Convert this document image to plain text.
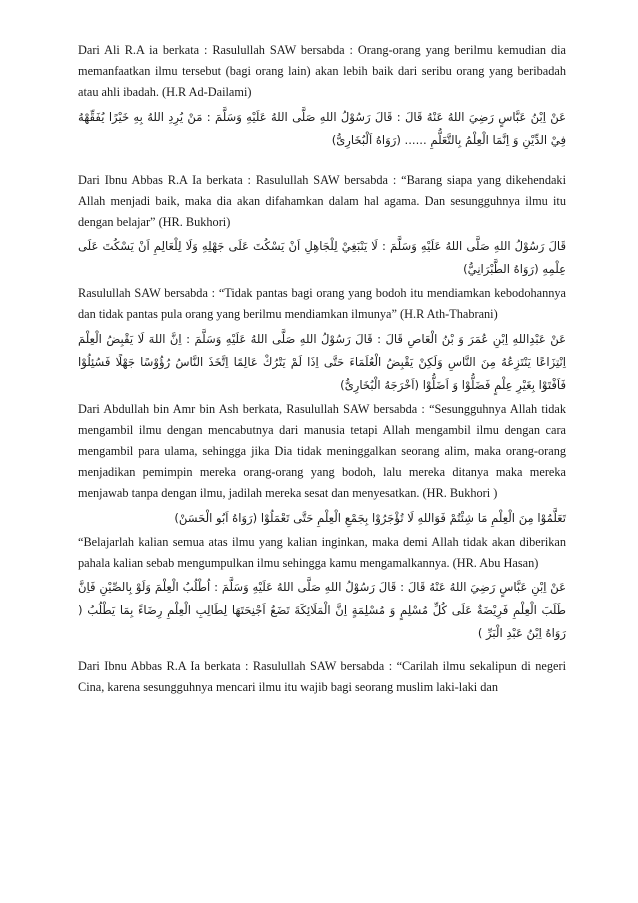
Dari Ali R.A ia berkata : Rasulullah SAW bersabda : Orang-orang yang berilmu kemudian dia memanfaatkan ilmu tersebut (bagi orang lain) akan lebih baik dari seribu orang yang beribadah atau ahli ibadah. (H.R Ad-Dailami)

عَنْ اِبْنُ عَبَّاسٍ رَضِيَ اللهُ عَنْهُ قَالَ : قَالَ رَسُوْلُ اللهِ صَلَّى اللهُ عَلَيْهِ وَسَلَّمَ : مَنْ يُرِدِ اللهُ بِهِ خَيْرًا يُفَقِّهْهُ فِيْ الدِّيْنِ وَ اِنَّمَا الْعِلْمُ بِالتَّعَلُّمِ ...... (رَوَاهُ اَلْبُخَارِىُّ)

Dari Ibnu Abbas R.A Ia berkata : Rasulullah SAW bersabda : “Barang siapa yang dikehendaki Allah menjadi baik, maka dia akan difahamkan dalam hal agama. Dan sesungguhnya ilmu itu dengan belajar” (HR. Bukhori)

قَالَ رَسُوْلُ اللهِ صَلَّى اللهُ عَلَيْهِ وَسَلَّمَ : لَا يَنْبَغِيْ لِلْجَاهِلِ اَنْ يَسْكُتَ عَلَى جَهْلِهِ وَلَا لِلْعَالِمِ اَنْ يَسْكُتَ عَلَى عِلْمِهِ (رَوَاهُ الطَّبْرَانِيُّ)

Rasulullah SAW bersabda : “Tidak pantas bagi orang yang bodoh itu mendiamkan kebodohannya dan tidak pantas pula orang yang berilmu mendiamkan ilmunya” (H.R Ath-Thabrani)

عَنْ عَبْدِاللهِ اِبْنِ عُمَرَ وَ بْنُ الْعَاصِ قَالَ : قَالَ رَسُوْلُ اللهِ صَلَّى اللهُ عَلَيْهِ وَسَلَّمَ : اِنَّ اللهَ لَا يَقْبِضُ الْعِلْمَ اِنْتِزَاعًا يَنْتَزِعُهُ مِنَ النَّاسِ وَلَكِنْ يَقْبِضُ الْعُلَمَاءَ حَتَّى اِذَا لَمْ يَتْرُكْ عَالِمًا اِتَّخَذَ النَّاسُ رُؤُوْسًا جَهْلًا فَسُئِلُوْا فَاَفْتَوْا بِغَيْرِ عِلْمٍ فَضَلُّوْا وَ اَضَلُّوْا (اَخْرَجَهُ الْبُخَارِىُّ)

Dari Abdullah bin Amr bin Ash berkata, Rasulullah SAW bersabda : “Sesungguhnya Allah tidak mengambil ilmu dengan mencabutnya dari manusia tetapi Allah mengambil ilmu dengan cara mengambil para ulama, sehingga jika Dia tidak meninggalkan seorang alim, maka orang-orang menjadikan pemimpin mereka orang-orang yang bodoh, lalu mereka ditanya maka mereka menjawab tanpa dengan ilmu, jadilah mereka sesat dan menyesatkan. (HR. Bukhori )

تَعَلَّمُوْا مِنَ الْعِلْمِ مَا شِئْتُمْ فَوَاللهِ لَا تُؤْجَرُوْا بِجَمْعِ الْعِلْمِ حَتَّى تَعْمَلُوْا (رَوَاهُ اَبُو الْحَسَنْ)

“Belajarlah kalian semua atas ilmu yang kalian inginkan, maka demi Allah tidak akan diberikan pahala kalian sebab mengumpulkan ilmu sehingga kamu mengamalkannya. (HR. Abu Hasan)

عَنْ اِبْنِ عَبَّاسٍ رَضِيَ اللهُ عَنْهُ قَالَ : قَالَ رَسُوْلُ اللهِ صَلَّى اللهُ عَلَيْهِ وَسَلَّمَ : اُطْلُبُ الْعِلْمَ وَلَوْ بِالصِّيْنِ فَاِنَّ طَلَبَ الْعِلْمِ فَرِيْضَةٌ عَلَى كُلِّ مُسْلِمٍ وَ مُسْلِمَةٍ اِنَّ الْمَلَائِكَةَ تَضَعُ اَجْنِحَتَهَا لِطَالِبِ الْعِلْمِ رِضَاءً بِمَا يَطْلُبُ ( رَوَاهُ اِبْنُ عَبْدِ الْبَرِّ )

Dari Ibnu Abbas R.A Ia berkata : Rasulullah SAW bersabda : “Carilah ilmu sekalipun di negeri Cina, karena sesungguhnya mencari ilmu itu wajib bagi seorang muslim laki-laki dan
